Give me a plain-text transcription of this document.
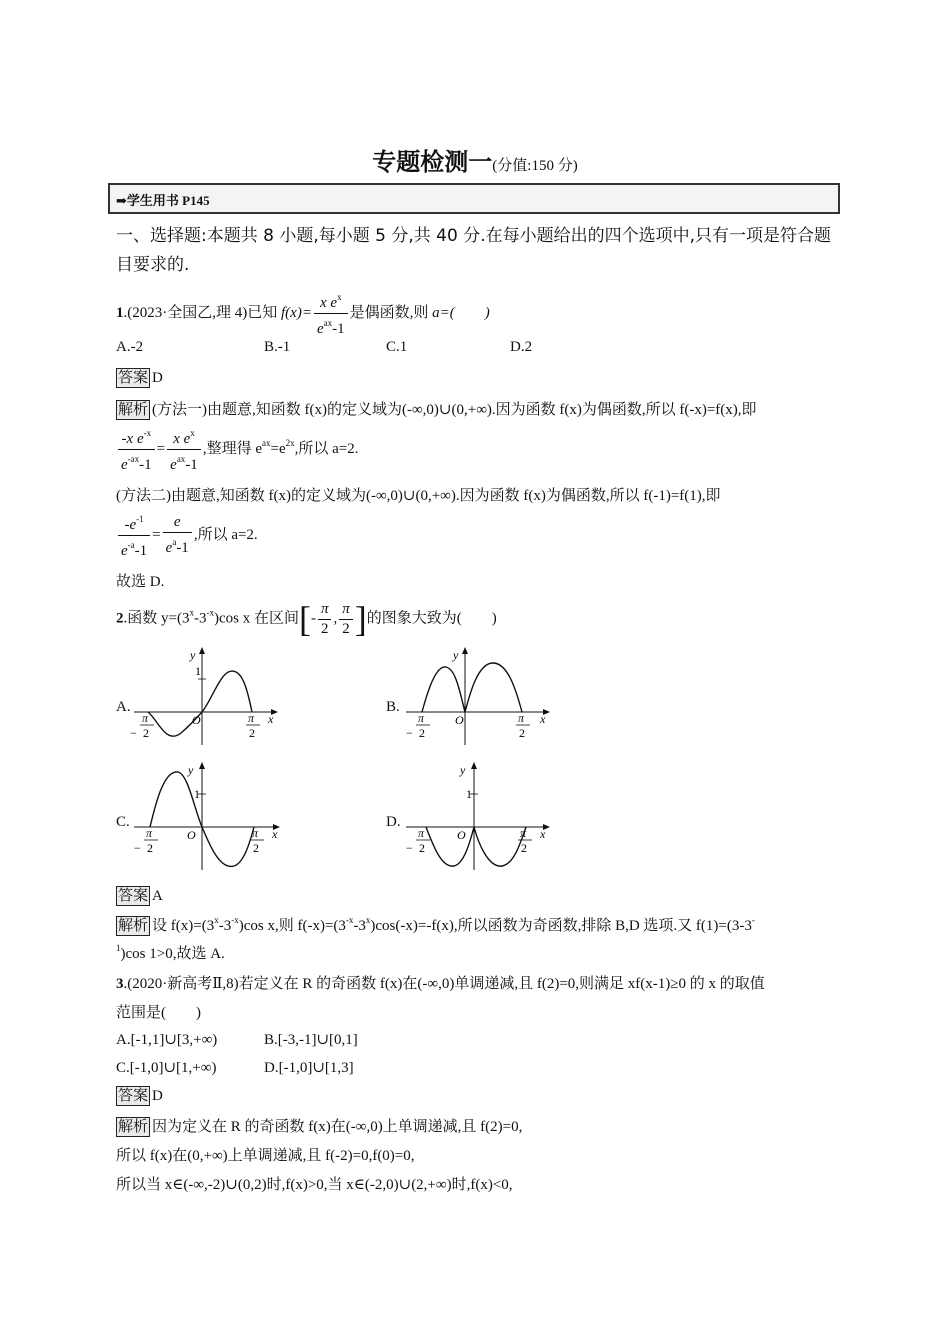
专题检测一(分值:150 分)
➡学生用书 P145
一、选择题:本题共 8 小题,每小题 5 分,共 40 分.在每小题给出的四个选项中,只有一项是符合题目要求的.
1.(2023·全国乙,理 4)已知 $f(x)= \frac{x e^x}{e^{ax}-1}$ 是偶函数,则 a=(　　)
A.-2	B.-1	C.1	D.2
答案 D
解析 (方法一)由题意,知函数 f(x)的定义域为(-∞,0)∪(0,+∞).因为函数 f(x)为偶函数,所以 f(-x)=f(x),即
$\frac{-x e^{-x}}{e^{-ax}-1} = \frac{x e^x}{e^{ax}-1}$ ,整理得 $e^{ax}=e^{2x}$,所以 a=2.
(方法二)由题意,知函数 f(x)的定义域为(-∞,0)∪(0,+∞).因为函数 f(x)为偶函数,所以 f(-1)=f(1),即
$\frac{-e^{-1}}{e^{-a}-1} = \frac{e}{e^a-1}$ ,所以 a=2.
故选 D.
2.函数 $y=(3^x-3^{-x})\cos$ x 在区间[- $\frac{\pi}{2}$ , $\frac{\pi}{2}$ ]的图象大致为(　　)
A.	B.
C.	D.
1
O
y
x
−
π
2
π
2
O
y
x
−
π
2
π
2
1
O
y
x
−
π
2
π
2
1
O
y
x
−
π
2
π
2
答案 A
解析 设 $f(x)=(3^x-3^{-x})\cos$ x,则 $f(-x)=(3^{-x}-3^x)\cos(-x)=-f(x)$,所以函数为奇函数,排除 B,D 选项.又 f(1)=(3-3-
$^1$)cos 1>0,故选 A.
3.(2020·新高考Ⅱ,8)若定义在 R 的奇函数 f(x)在(-∞,0)单调递减,且 f(2)=0,则满足 xf(x-1)≥0 的 x 的取值
范围是(　　)
A.[-1,1]∪[3,+∞)	B.[-3,-1]∪[0,1]
C.[-1,0]∪[1,+∞)	D.[-1,0]∪[1,3]
答案 D
解析 因为定义在 R 的奇函数 f(x)在(-∞,0)上单调递减,且 f(2)=0,
所以 f(x)在(0,+∞)上单调递减,且 f(-2)=0,f(0)=0,
所以当 x∈(-∞,-2)∪(0,2)时,f(x)>0,当 x∈(-2,0)∪(2,+∞)时,f(x)<0,
